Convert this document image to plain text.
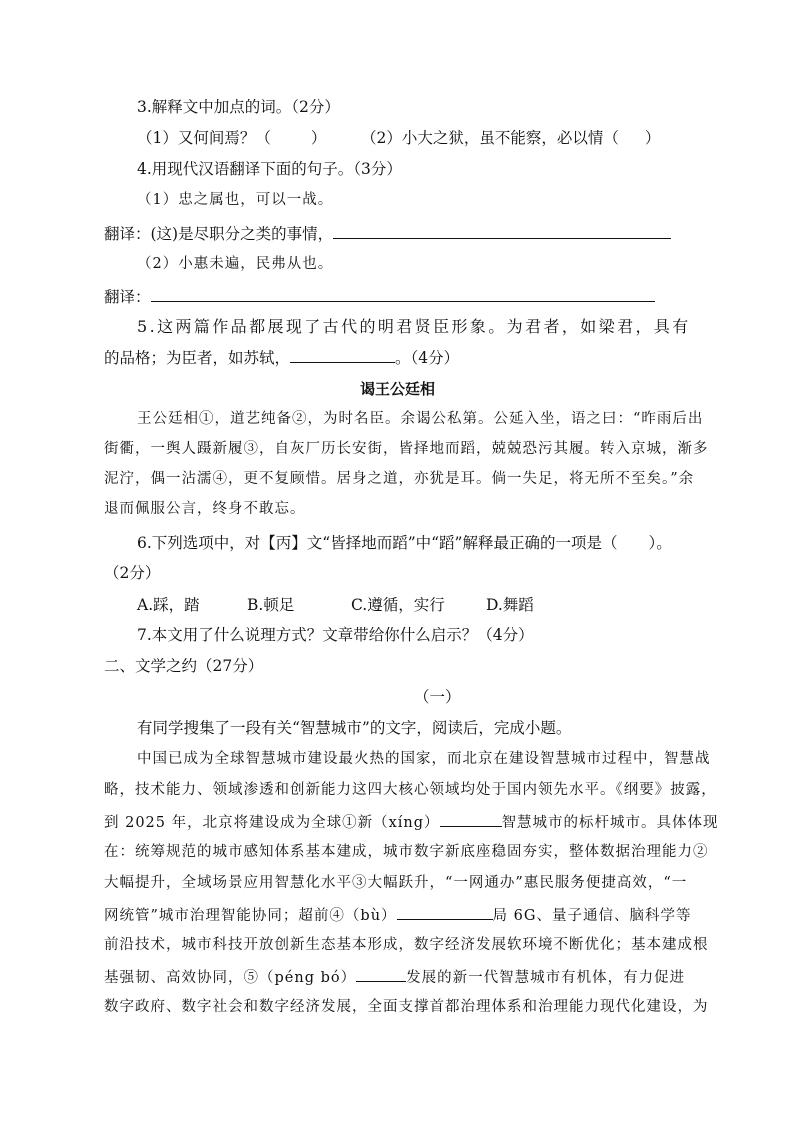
3.解释文中加点的词。（2分）
（1）又何间焉？（	） （2）小大之狱，虽不能察，必以情（ ）
4.用现代汉语翻译下面的句子。（3分）
（1）忠之属也，可以一战。
翻译：(这)是尽职分之类的事情，
（2）小惠未遍，民弗从也。
翻译：
5.这两篇作品都展现了古代的明君贤臣形象。为君者，如梁君，具有
的品格；为臣者，如苏轼，	。（4分）
谒王公廷相
王公廷相①，道艺纯备②，为时名臣。余谒公私第。公延入坐，语之曰：“昨雨后出
街衢，一舆人蹑新履③，自灰厂历长安街，皆择地而蹈，兢兢恐污其履。转入京城，渐多
泥泞，偶一沾濡④，更不复顾惜。居身之道，亦犹是耳。倘一失足，将无所不至矣。”余
退而佩服公言，终身不敢忘。
6.下列选项中，对【丙】文“皆择地而蹈”中“蹈”解释最正确的一项是（　　）。
（2分）
A.踩，踏	B.顿足	C.遵循，实行	D.舞蹈
7.本文用了什么说理方式？文章带给你什么启示？（4分）
二、文学之约（27分）
（一）
有同学搜集了一段有关“智慧城市”的文字，阅读后，完成小题。
中国已成为全球智慧城市建设最火热的国家，而北京在建设智慧城市过程中，智慧战
略，技术能力、领域渗透和创新能力这四大核心领域均处于国内领先水平。《纲要》披露，
到 2025 年，北京将建设成为全球①新（xíng）	智慧城市的标杆城市。具体体现
在：统筹规范的城市感知体系基本建成，城市数字新底座稳固夯实，整体数据治理能力②
大幅提升，全域场景应用智慧化水平③大幅跃升，“一网通办”惠民服务便捷高效，“一
网统管”城市治理智能协同；超前④（bù）	局 6G、量子通信、脑科学等
前沿技术，城市科技开放创新生态基本形成，数字经济发展软环境不断优化；基本建成根
基强韧、高效协同，⑤（péng bó）	发展的新一代智慧城市有机体，有力促进
数字政府、数字社会和数字经济发展，全面支撑首都治理体系和治理能力现代化建设，为
